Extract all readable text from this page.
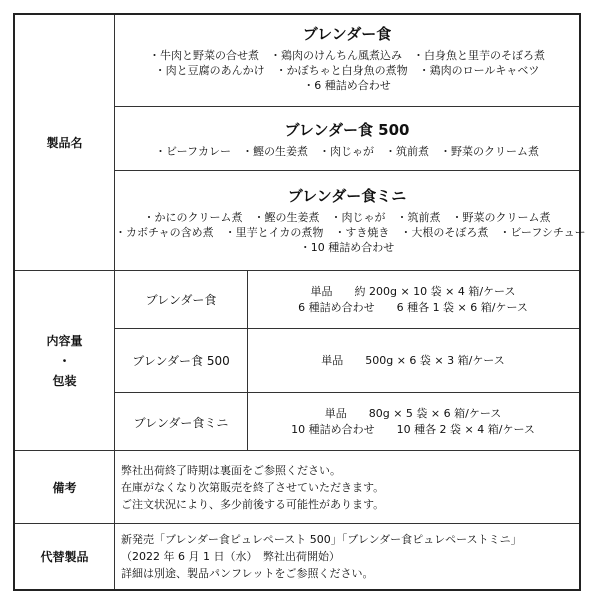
製品名
ブレンダー食
・牛肉と野菜の合せ煮　・鶏肉のけんちん風煮込み　・白身魚と里芋のそぼろ煮
・肉と豆腐のあんかけ　・かぼちゃと白身魚の煮物　・鶏肉のロールキャベツ
・6 種詰め合わせ
ブレンダー食 500
・ビーフカレー　・鰹の生姜煮　・肉じゃが　・筑前煮　・野菜のクリーム煮
ブレンダー食ミニ
・かにのクリーム煮　・鰹の生姜煮　・肉じゃが　・筑前煮　・野菜のクリーム煮
・カボチャの含め煮　・里芋とイカの煮物　・すき焼き　・大根のそぼろ煮　・ビーフシチュー
・10 種詰め合わせ
内容量
・
包装
ブレンダー食
単品　　約 200g × 10 袋 × 4 箱/ケース
6 種詰め合わせ　　6 種各 1 袋 × 6 箱/ケース
ブレンダー食 500	単品　　500g × 6 袋 × 3 箱/ケース
ブレンダー食ミニ
単品　　80g × 5 袋 × 6 箱/ケース
10 種詰め合わせ　　10 種各 2 袋 × 4 箱/ケース
備考
弊社出荷終了時期は裏面をご参照ください。
在庫がなくなり次第販売を終了させていただきます。
ご注文状況により、多少前後する可能性があります。
代替製品
新発売「ブレンダー食ピュレペースト 500」「ブレンダー食ピュレペーストミニ」
（2022 年 6 月 1 日（水）　弊社出荷開始）
詳細は別途、製品パンフレットをご参照ください。
